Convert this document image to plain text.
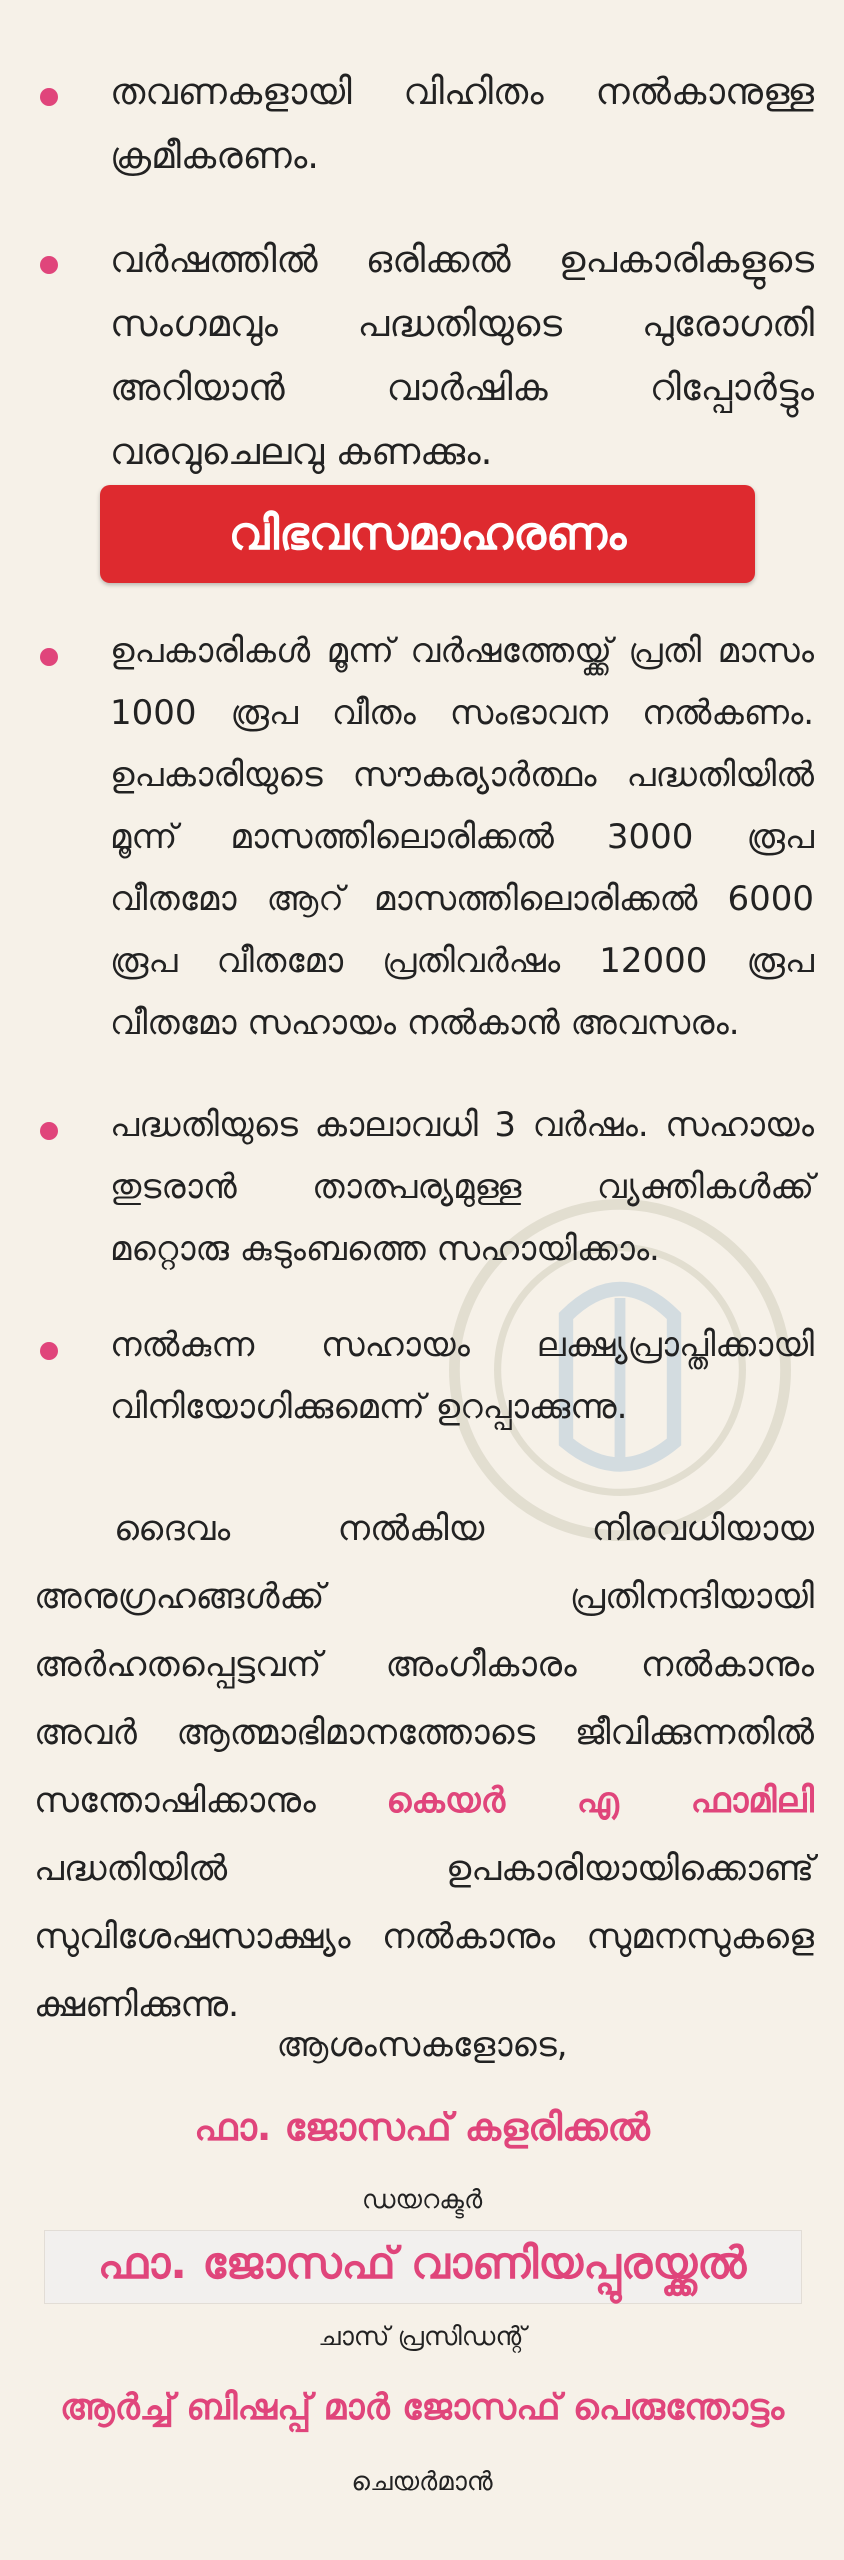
തവണകളായി വിഹിതം നൽകാനുള്ള ക്രമീകരണം.
വർഷത്തിൽ ഒരിക്കൽ ഉപകാരികളുടെ സംഗമവും പദ്ധതിയുടെ പുരോഗതി അറിയാൻ വാർഷിക റിപ്പോർട്ടും വരവുചെലവു കണക്കും.
വിഭവസമാഹരണം
ഉപകാരികൾ മൂന്ന് വർഷത്തേയ്ക്ക് പ്രതി മാസം 1000 രൂപ വീതം സംഭാവന നൽകണം. ഉപകാരിയുടെ സൗകര്യാർത്ഥം പദ്ധതിയിൽ മൂന്ന് മാസത്തിലൊരിക്കൽ 3000 രൂപ വീതമോ ആറ് മാസത്തിലൊരിക്കൽ 6000 രൂപ വീതമോ പ്രതിവർഷം 12000 രൂപ വീതമോ സഹായം നൽകാൻ അവസരം.
പദ്ധതിയുടെ കാലാവധി 3 വർഷം. സഹായം തുടരാൻ താത്പര്യമുള്ള വ്യക്തികൾക്ക് മറ്റൊരു കുടുംബത്തെ സഹായിക്കാം.
നൽകുന്ന സഹായം ലക്ഷ്യപ്രാപ്തിക്കായി വിനിയോഗിക്കുമെന്ന് ഉറപ്പാക്കുന്നു.
ദൈവം നൽകിയ നിരവധിയായ അനുഗ്രഹങ്ങൾക്ക് പ്രതിനന്ദിയായി അർഹതപ്പെട്ടവന് അംഗീകാരം നൽകാനും അവർ ആത്മാഭിമാനത്തോടെ ജീവിക്കുന്നതിൽ സന്തോഷിക്കാനും കെയർ എ ഫാമിലി പദ്ധതിയിൽ ഉപകാരിയായിക്കൊണ്ട് സുവിശേഷസാക്ഷ്യം നൽകാനും സുമനസുകളെ ക്ഷണിക്കുന്നു.
ആശംസകളോടെ,
ഫാ. ജോസഫ് കളരിക്കൽ
ഡയറക്ടർ
ഫാ. ജോസഫ് വാണിയപ്പുരയ്ക്കൽ
ചാസ് പ്രസിഡന്റ്
ആർച്ച് ബിഷപ്പ് മാർ ജോസഫ് പെരുന്തോട്ടം
ചെയർമാൻ
